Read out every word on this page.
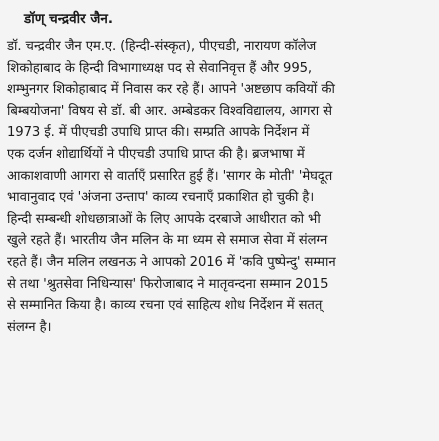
डॉण् चन्द्रवीर जैन.
डॉ. चन्द्रवीर जैन एम.ए. (हिन्दी-संस्कृत), पीएचडी, नारायण कॉलेज
शिकोहाबाद के हिन्दी विभागाध्यक्ष पद से सेवानिवृत्त हैं और 995,
शम्भुनगर शिकोहाबाद में निवास कर रहे हैं। आपने 'अष्टछाप कवियों की
बिम्बयोजना' विषय से डॉ. बी आर. अम्बेडकर विश्वविद्यालय, आगरा से
1973 ई. में पीएचडी उपाधि प्राप्त की। सम्प्रति आपके निर्देशन में
एक दर्जन शोद्यार्थियों ने पीएचडी उपाधि प्राप्त की है। ब्रजभाषा में
आकाशवाणी आगरा से वार्ताएँ प्रसारित हुई हैं। 'सागर के मोती' 'मेघदूत
भावानुवाद एवं 'अंजना उन्ताप' काव्य रचनाएँ प्रकाशित हो चुकी है।
हिन्दी सम्बन्धी शोधछात्राओं के लिए आपके दरबाजे आधीरात को भी
खुले रहते हैं। भारतीय जैन मलिन के मा ध्यम से समाज सेवा में संलग्न
रहते हैं। जैन मलिन लखनऊ ने आपको 2016 में 'कवि पुष्पेन्दु' सम्मान
से तथा 'श्रुतसेवा निधिन्यास' फिरोजाबाद ने मातृवन्दना सम्मान 2015
से सम्मानित किया है। काव्य रचना एवं साहित्य शोध निर्देशन में सतत्
संलग्न है।
